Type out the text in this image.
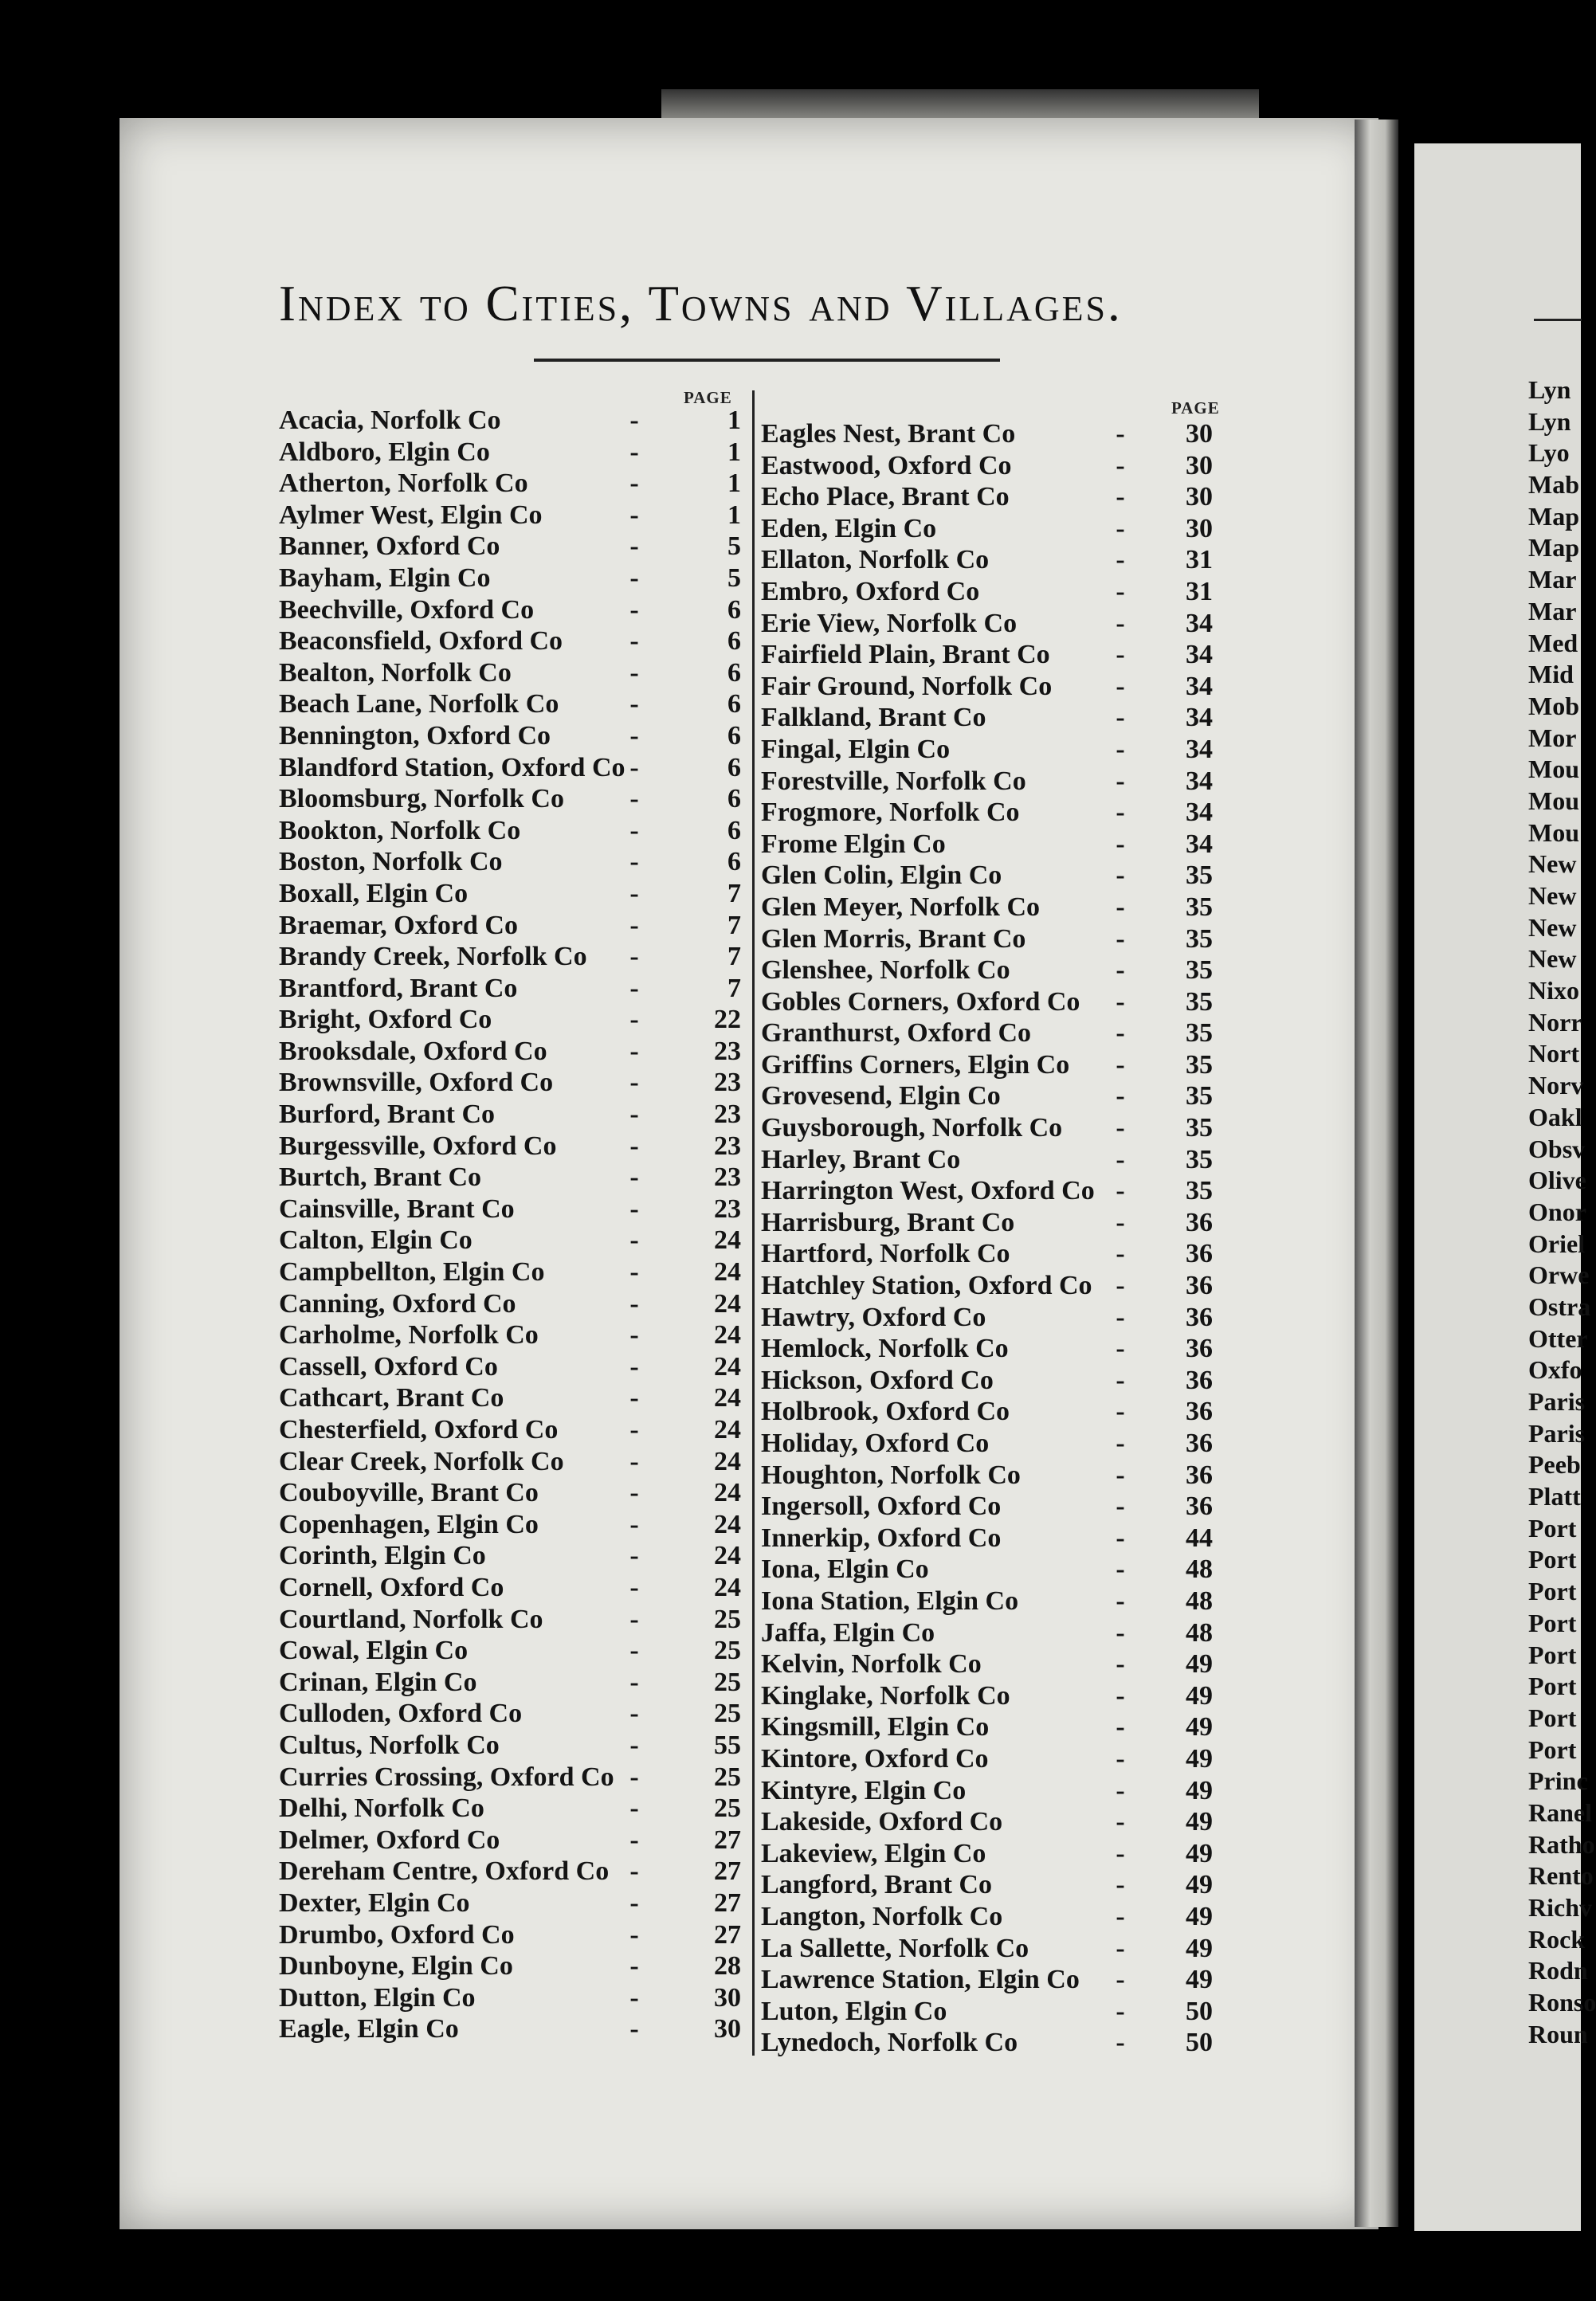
Index to Cities, Towns and Villages.
PAGE
PAGE
Acacia, Norfolk Co	-	1
Aldboro, Elgin Co	-	1
Atherton, Norfolk Co	-	1
Aylmer West, Elgin Co	-	1
Banner, Oxford Co	-	5
Bayham, Elgin Co	-	5
Beechville, Oxford Co	-	6
Beaconsfield, Oxford Co -	6
Bealton, Norfolk Co	-	6
Beach Lane, Norfolk Co	-	6
Bennington, Oxford Co	-	6
Blandford Station, Oxford Co -	6
Bloomsburg, Norfolk Co -	6
Bookton, Norfolk Co	-	6
Boston, Norfolk Co	-	6
Boxall, Elgin Co	-	7
Braemar, Oxford Co	-	7
Brandy Creek, Norfolk Co -	7
Brantford, Brant Co	-	7
Bright, Oxford Co	-	22
Brooksdale, Oxford Co	-	23
Brownsville, Oxford Co	-	23
Burford, Brant Co	-	23
Burgessville, Oxford Co	-	23
Burtch, Brant Co	-	23
Cainsville, Brant Co	-	23
Calton, Elgin Co	-	24
Campbellton, Elgin Co	-	24
Canning, Oxford Co	-	24
Carholme, Norfolk Co	-	24
Cassell, Oxford Co	-	24
Cathcart, Brant Co	-	24
Chesterfield, Oxford Co	-	24
Clear Creek, Norfolk Co -	24
Couboyville, Brant Co	-	24
Copenhagen, Elgin Co	-	24
Corinth, Elgin Co	-	24
Cornell, Oxford Co	-	24
Courtland, Norfolk Co	-	25
Cowal, Elgin Co	-	25
Crinan, Elgin Co	-	25
Culloden, Oxford Co	-	25
Cultus, Norfolk Co	-	55
Curries Crossing, Oxford Co -	25
Delhi, Norfolk Co	-	25
Delmer, Oxford Co	-	27
Dereham Centre, Oxford Co -	27
Dexter, Elgin Co	-	27
Drumbo, Oxford Co	-	27
Dunboyne, Elgin Co	-	28
Dutton, Elgin Co	-	30
Eagle, Elgin Co	-	30
Eagles Nest, Brant Co	-	30
Eastwood, Oxford Co	-	30
Echo Place, Brant Co	-	30
Eden, Elgin Co	-	30
Ellaton, Norfolk Co	-	31
Embro, Oxford Co	-	31
Erie View, Norfolk Co	-	34
Fairfield Plain, Brant Co -	34
Fair Ground, Norfolk Co -	34
Falkland, Brant Co	-	34
Fingal, Elgin Co	-	34
Forestville, Norfolk Co	-	34
Frogmore, Norfolk Co	-	34
Frome Elgin Co	-	34
Glen Colin, Elgin Co	-	35
Glen Meyer, Norfolk Co	-	35
Glen Morris, Brant Co	-	35
Glenshee, Norfolk Co	-	35
Gobles Corners, Oxford Co -	35
Granthurst, Oxford Co	-	35
Griffins Corners, Elgin Co -	35
Grovesend, Elgin Co	-	35
Guysborough, Norfolk Co -	35
Harley, Brant Co	-	35
Harrington West, Oxford Co -	35
Harrisburg, Brant Co	-	36
Hartford, Norfolk Co	-	36
Hatchley Station, Oxford Co -	36
Hawtry, Oxford Co	-	36
Hemlock, Norfolk Co	-	36
Hickson, Oxford Co	-	36
Holbrook, Oxford Co	-	36
Holiday, Oxford Co	-	36
Houghton, Norfolk Co	-	36
Ingersoll, Oxford Co	-	36
Innerkip, Oxford Co	-	44
Iona, Elgin Co	-	48
Iona Station, Elgin Co	-	48
Jaffa, Elgin Co	-	48
Kelvin, Norfolk Co	-	49
Kinglake, Norfolk Co	-	49
Kingsmill, Elgin Co	-	49
Kintore, Oxford Co	-	49
Kintyre, Elgin Co	-	49
Lakeside, Oxford Co	-	49
Lakeview, Elgin Co	-	49
Langford, Brant Co	-	49
Langton, Norfolk Co	-	49
La Sallette, Norfolk Co	-	49
Lawrence Station, Elgin Co -	49
Luton, Elgin Co	-	50
Lynedoch, Norfolk Co	-	50
Lyn
Lyn
Lyo
Mab
Map
Map
Mar
Mar
Med
Mid
Mob
Mor
Mou
Mou
Mou
New
New
New
New
Nixo
Norr
Nort
Norv
Oakl
Obsv
Olive
Onor
Oriel
Orwe
Ostra
Otter
Oxfo
Paris
Paris
Peeb
Platt
Port
Port
Port
Port
Port
Port
Port
Port
Princ
Ranel
Ratho
Rento
Richv
Rock
Rodn
Ronso
Roun
